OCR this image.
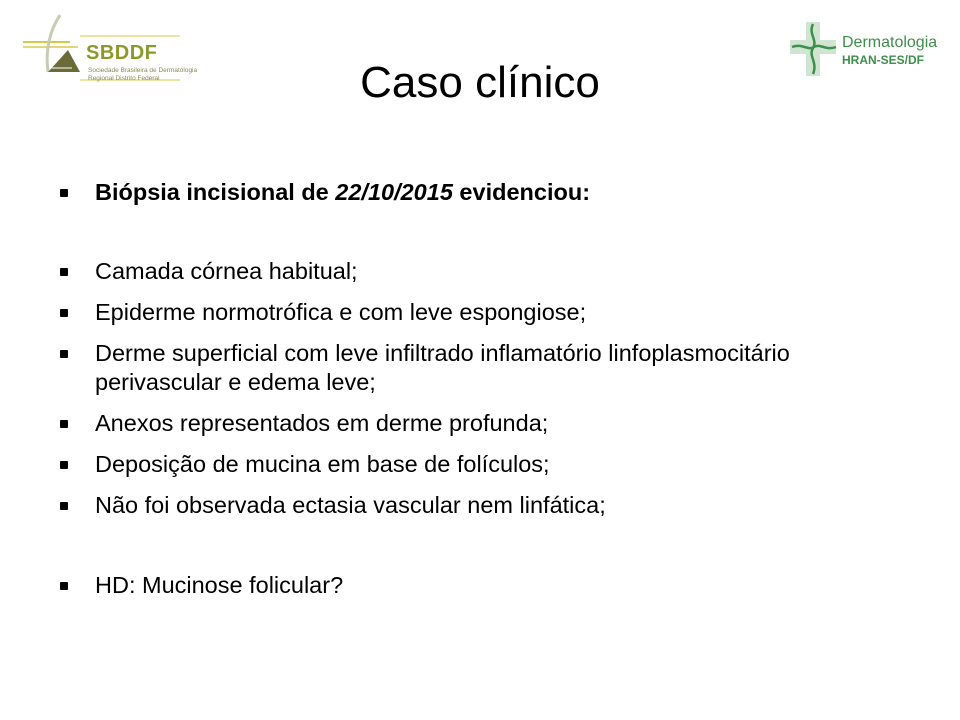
SBDDF
Sociedade Brasileira de Dermatologia
Regional Distrito Federal
Dermatologia
HRAN-SES/DF
Caso clínico
Biópsia incisional de 22/10/2015 evidenciou:
Camada córnea habitual;
Epiderme normotrófica e com leve espongiose;
Derme superficial com leve infiltrado inflamatório linfoplasmocitário perivascular e edema leve;
Anexos representados em derme profunda;
Deposição de mucina em base de folículos;
Não foi observada ectasia vascular nem linfática;
HD: Mucinose folicular?
